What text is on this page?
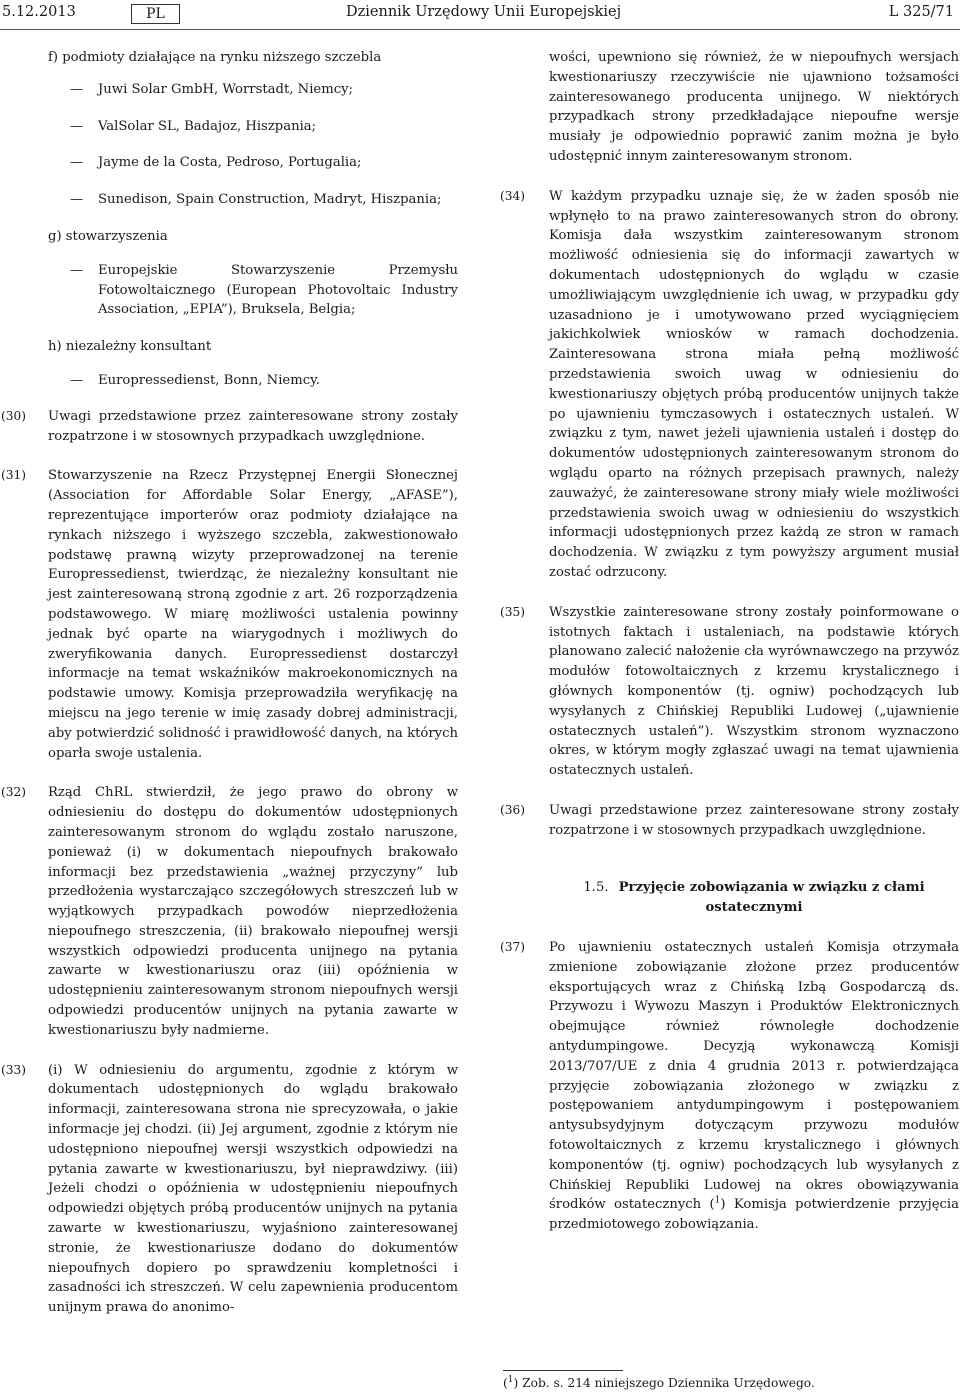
5.12.2013	PL	Dziennik Urzędowy Unii Europejskiej	L 325/71

f) podmioty działające na rynku niższego szczebla

— Juwi Solar GmbH, Worrstadt, Niemcy;

— ValSolar SL, Badajoz, Hiszpania;

— Jayme de la Costa, Pedroso, Portugalia;

— Sunedison, Spain Construction, Madryt, Hiszpania;

g) stowarzyszenia

— Europejskie Stowarzyszenie Przemysłu Fotowoltaicznego (European Photovoltaic Industry Association, „EPIA”), Bruksela, Belgia;

h) niezależny konsultant

— Europressedienst, Bonn, Niemcy.

(30) Uwagi przedstawione przez zainteresowane strony zostały rozpatrzone i w stosownych przypadkach uwzględnione.

(31) Stowarzyszenie na Rzecz Przystępnej Energii Słonecznej (Association for Affordable Solar Energy, „AFASE”), reprezentujące importerów oraz podmioty działające na rynkach niższego i wyższego szczebla, zakwestionowało podstawę prawną wizyty przeprowadzonej na terenie Europressedienst, twierdząc, że niezależny konsultant nie jest zainteresowaną stroną zgodnie z art. 26 rozporządzenia podstawowego. W miarę możliwości ustalenia powinny jednak być oparte na wiarygodnych i możliwych do zweryfikowania danych. Europressedienst dostarczył informacje na temat wskaźników makroekonomicznych na podstawie umowy. Komisja przeprowadziła weryfikację na miejscu na jego terenie w imię zasady dobrej administracji, aby potwierdzić solidność i prawidłowość danych, na których oparła swoje ustalenia.

(32) Rząd ChRL stwierdził, że jego prawo do obrony w odniesieniu do dostępu do dokumentów udostępnionych zainteresowanym stronom do wglądu zostało naruszone, ponieważ (i) w dokumentach niepoufnych brakowało informacji bez przedstawienia „ważnej przyczyny” lub przedłożenia wystarczająco szczegółowych streszczeń lub w wyjątkowych przypadkach powodów nieprzedłożenia niepoufnego streszczenia, (ii) brakowało niepoufnej wersji wszystkich odpowiedzi producenta unijnego na pytania zawarte w kwestionariuszu oraz (iii) opóźnienia w udostępnieniu zainteresowanym stronom niepoufnych wersji odpowiedzi producentów unijnych na pytania zawarte w kwestionariuszu były nadmierne.

(33) (i) W odniesieniu do argumentu, zgodnie z którym w dokumentach udostępnionych do wglądu brakowało informacji, zainteresowana strona nie sprecyzowała, o jakie informacje jej chodzi. (ii) Jej argument, zgodnie z którym nie udostępniono niepoufnej wersji wszystkich odpowiedzi na pytania zawarte w kwestionariuszu, był nieprawdziwy. (iii) Jeżeli chodzi o opóźnienia w udostępnieniu niepoufnych odpowiedzi objętych próbą producentów unijnych na pytania zawarte w kwestionariuszu, wyjaśniono zainteresowanej stronie, że kwestionariusze dodano do dokumentów niepoufnych dopiero po sprawdzeniu kompletności i zasadności ich streszczeń. W celu zapewnienia producentom unijnym prawa do anonimo-

wości, upewniono się również, że w niepoufnych wersjach kwestionariuszy rzeczywiście nie ujawniono tożsamości zainteresowanego producenta unijnego. W niektórych przypadkach strony przedkładające niepoufne wersje musiały je odpowiednio poprawić zanim można je było udostępnić innym zainteresowanym stronom.

(34) W każdym przypadku uznaje się, że w żaden sposób nie wpłynęło to na prawo zainteresowanych stron do obrony. Komisja dała wszystkim zainteresowanym stronom możliwość odniesienia się do informacji zawartych w dokumentach udostępnionych do wglądu w czasie umożliwiającym uwzględnienie ich uwag, w przypadku gdy uzasadniono je i umotywowano przed wyciągnięciem jakichkolwiek wniosków w ramach dochodzenia. Zainteresowana strona miała pełną możliwość przedstawienia swoich uwag w odniesieniu do kwestionariuszy objętych próbą producentów unijnych także po ujawnieniu tymczasowych i ostatecznych ustaleń. W związku z tym, nawet jeżeli ujawnienia ustaleń i dostęp do dokumentów udostępnionych zainteresowanym stronom do wglądu oparto na różnych przepisach prawnych, należy zauważyć, że zainteresowane strony miały wiele możliwości przedstawienia swoich uwag w odniesieniu do wszystkich informacji udostępnionych przez każdą ze stron w ramach dochodzenia. W związku z tym powyższy argument musiał zostać odrzucony.

(35) Wszystkie zainteresowane strony zostały poinformowane o istotnych faktach i ustaleniach, na podstawie których planowano zalecić nałożenie cła wyrównawczego na przywóz modułów fotowoltaicznych z krzemu krystalicznego i głównych komponentów (tj. ogniw) pochodzących lub wysyłanych z Chińskiej Republiki Ludowej („ujawnienie ostatecznych ustaleń”). Wszystkim stronom wyznaczono okres, w którym mogły zgłaszać uwagi na temat ujawnienia ostatecznych ustaleń.

(36) Uwagi przedstawione przez zainteresowane strony zostały rozpatrzone i w stosownych przypadkach uwzględnione.

1.5. Przyjęcie zobowiązania w związku z cłami ostatecznymi
(37) Po ujawnieniu ostatecznych ustaleń Komisja otrzymała zmienione zobowiązanie złożone przez producentów eksportujących wraz z Chińską Izbą Gospodarczą ds. Przywozu i Wywozu Maszyn i Produktów Elektronicznych obejmujące również równoległe dochodzenie antydumpingowe. Decyzją wykonawczą Komisji 2013/707/UE z dnia 4 grudnia 2013 r. potwierdzająca przyjęcie zobowiązania złożonego w związku z postępowaniem antydumpingowym i postępowaniem antysubsydyjnym dotyczącym przywozu modułów fotowoltaicznych z krzemu krystalicznego i głównych komponentów (tj. ogniw) pochodzących lub wysyłanych z Chińskiej Republiki Ludowej na okres obowiązywania środków ostatecznych ($^1$) Komisja potwierdzenie przyjęcia przedmiotowego zobowiązania.

($^1$) Zob. s. 214 niniejszego Dziennika Urzędowego.
